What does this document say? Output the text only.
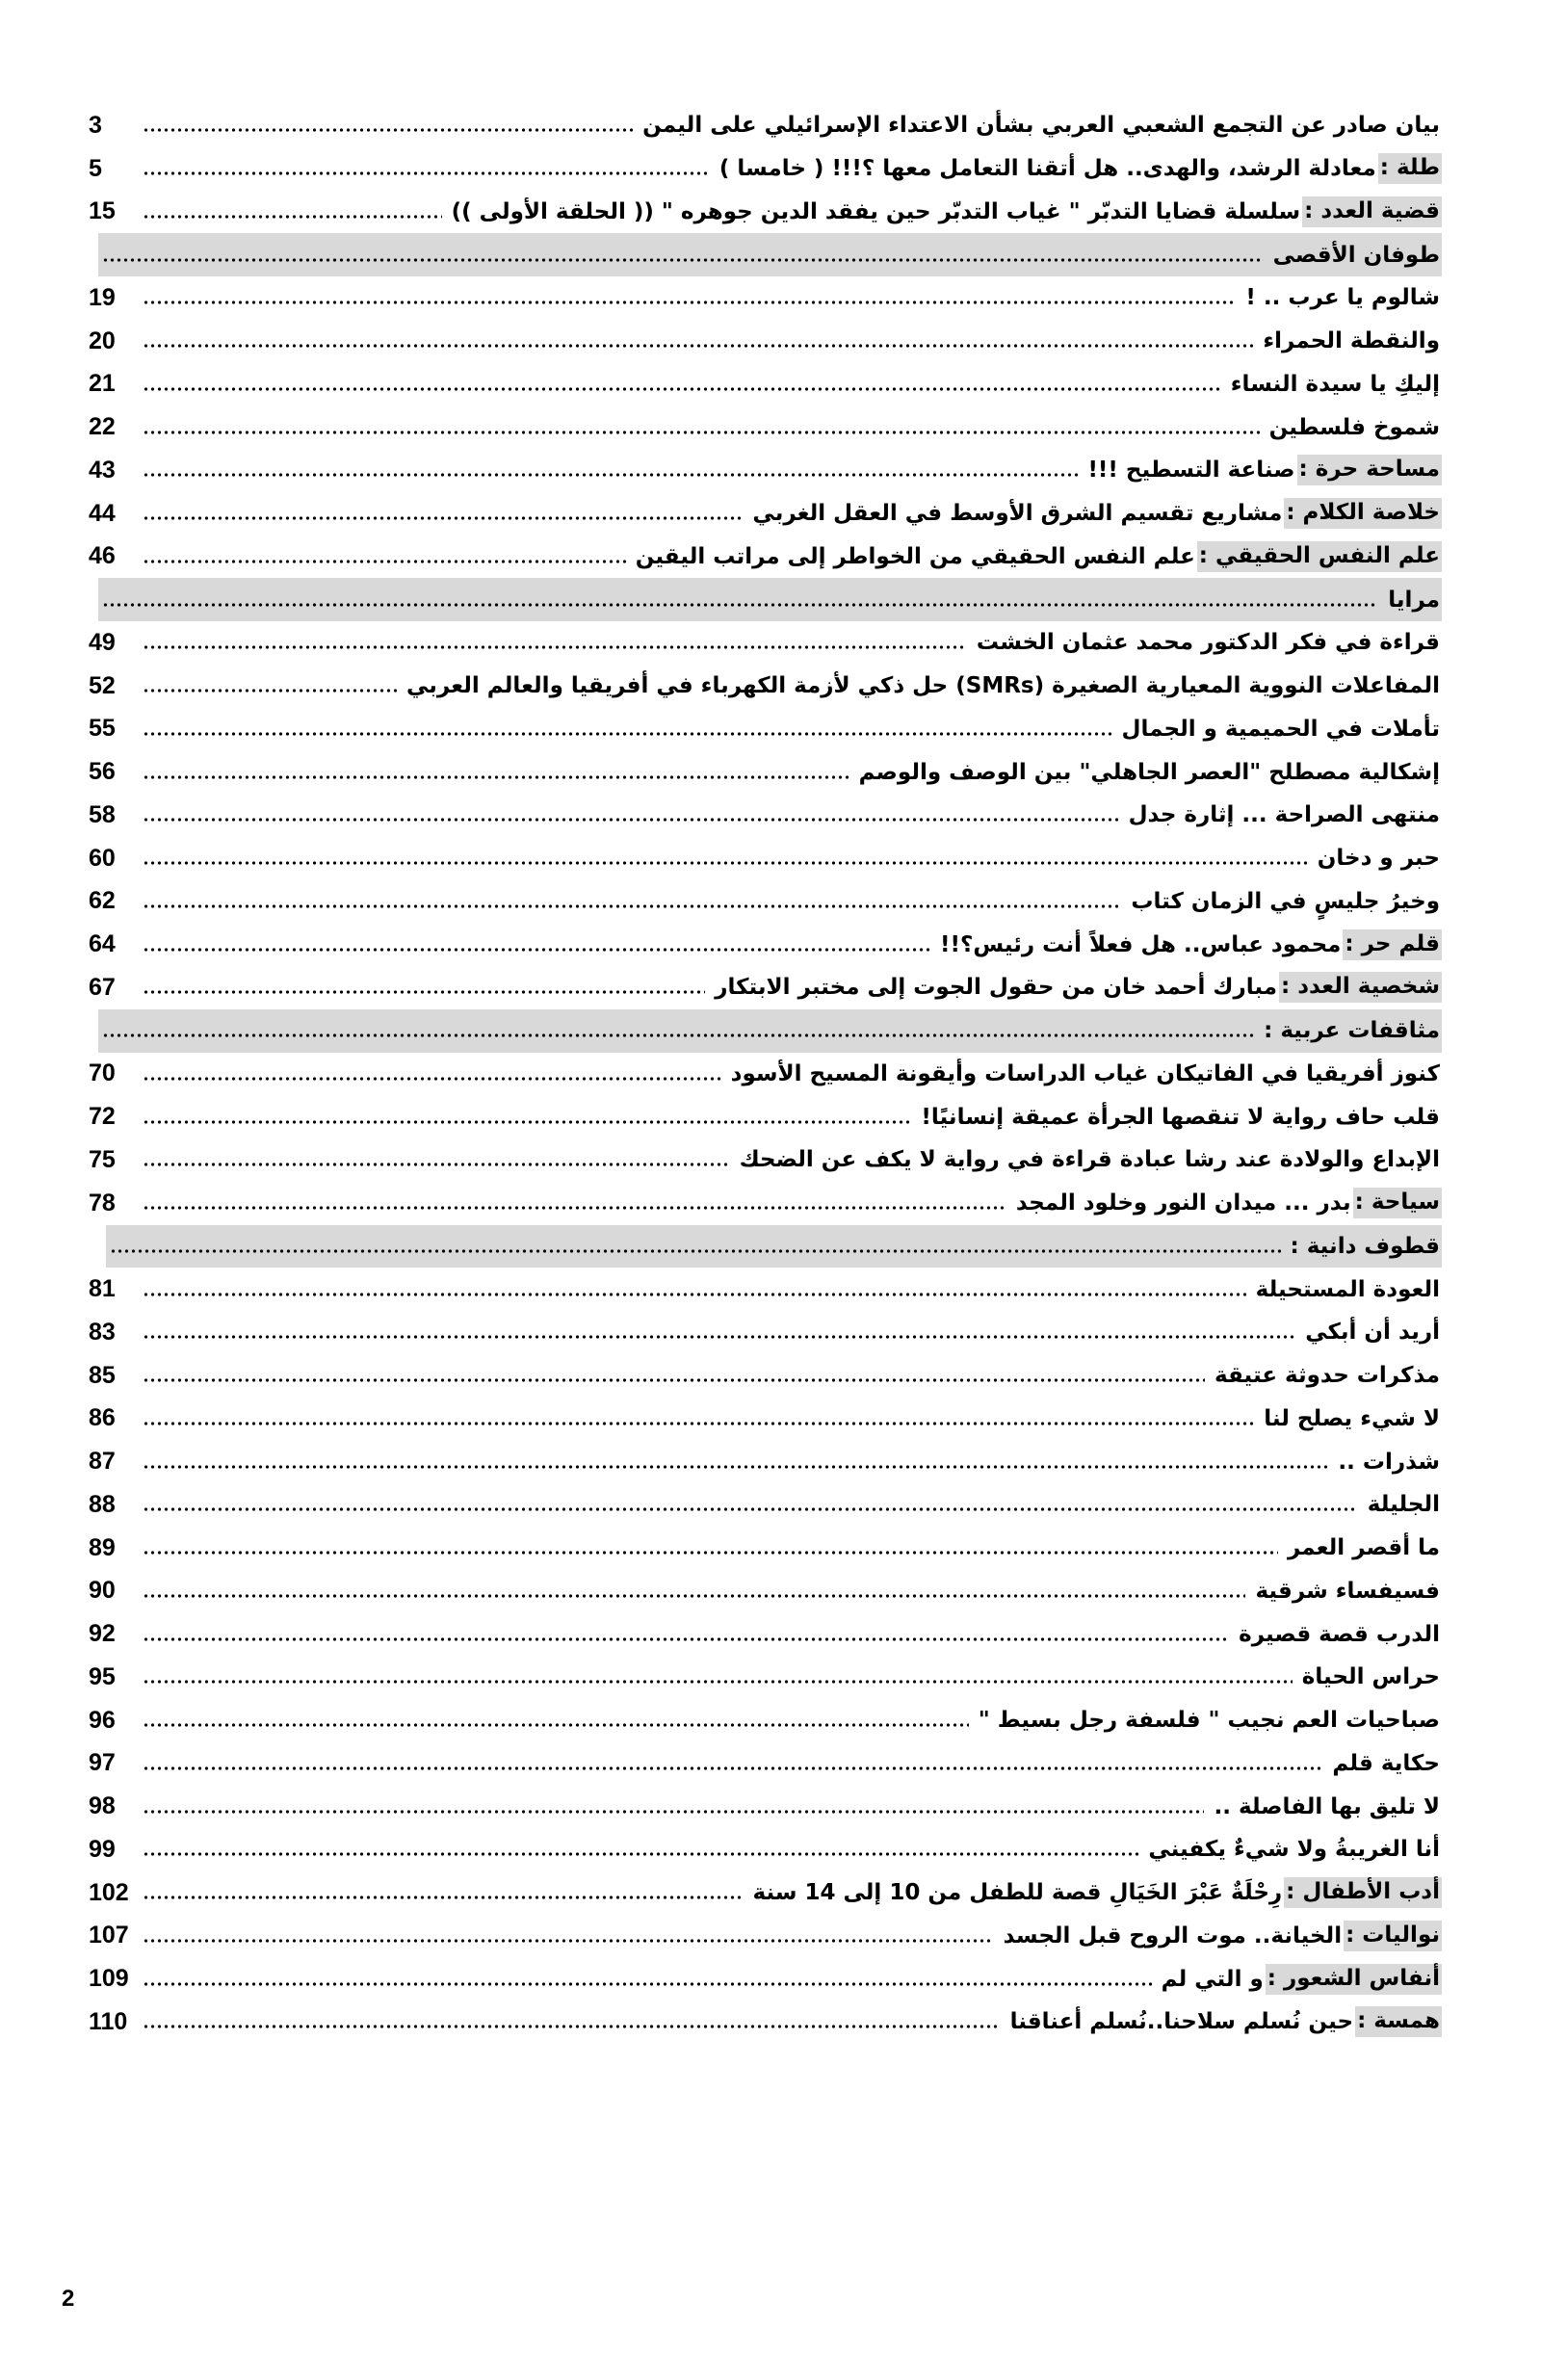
بيان صادر عن التجمع الشعبي العربي بشأن الاعتداء الإسرائيلي على اليمن
3
طلة :
معادلة الرشد، والهدى.. هل أتقنا التعامل معها ؟!!! ( خامسا )
5
قضية العدد :
سلسلة قضايا التدبّر " غياب التدبّر حين يفقد الدين جوهره " (( الحلقة الأولى ))
15
طوفان الأقصى
شالوم يا عرب .. !
19
والنقطة الحمراء
20
إليكِ يا سيدة النساء
21
شموخ فلسطين
22
مساحة حرة :
صناعة التسطيح !!!
43
خلاصة الكلام :
مشاريع تقسيم الشرق الأوسط في العقل الغربي
44
علم النفس الحقيقي :
علم النفس الحقيقي من الخواطر إلى مراتب اليقين
46
مرايا
قراءة في فكر الدكتور محمد عثمان الخشت
49
المفاعلات النووية المعيارية الصغيرة (SMRs) حل ذكي لأزمة الكهرباء في أفريقيا والعالم العربي
52
تأملات في الحميمية و الجمال
55
إشكالية مصطلح "العصر الجاهلي" بين الوصف والوصم
56
منتهى الصراحة ... إثارة جدل
58
حبر و دخان
60
وخيرُ جليسٍ في الزمان كتاب
62
قلم حر :
محمود عباس.. هل فعلاً أنت رئيس؟!!
64
شخصية العدد :
مبارك أحمد خان من حقول الجوت إلى مختبر الابتكار
67
مثاقفات عربية :
كنوز أفريقيا في الفاتيكان غياب الدراسات وأيقونة المسيح الأسود
70
قلب حاف رواية لا تنقصها الجرأة عميقة إنسانيًا!
72
الإبداع والولادة عند رشا عبادة قراءة في رواية لا يكف عن الضحك
75
سياحة :
بدر ... ميدان النور وخلود المجد
78
قطوف دانية :
العودة المستحيلة
81
أريد أن أبكي
83
مذكرات حدوثة عتيقة
85
لا شيء يصلح لنا
86
شذرات ..
87
الجليلة
88
ما أقصر العمر
89
فسيفساء شرقية
90
الدرب قصة قصيرة
92
حراس الحياة
95
صباحيات العم نجيب " فلسفة رجل بسيط "
96
حكاية قلم
97
لا تليق بها الفاصلة ..
98
أنا الغريبةُ ولا شيءٌ يكفيني
99
أدب الأطفال :
رِحْلَةٌ عَبْرَ الخَيَالِ قصة للطفل من 10 إلى 14 سنة
102
نواليات :
الخيانة.. موت الروح قبل الجسد
107
أنفاس الشعور :
و التي لم
109
همسة :
حين نُسلم سلاحنا..نُسلم أعناقنا
110
2
